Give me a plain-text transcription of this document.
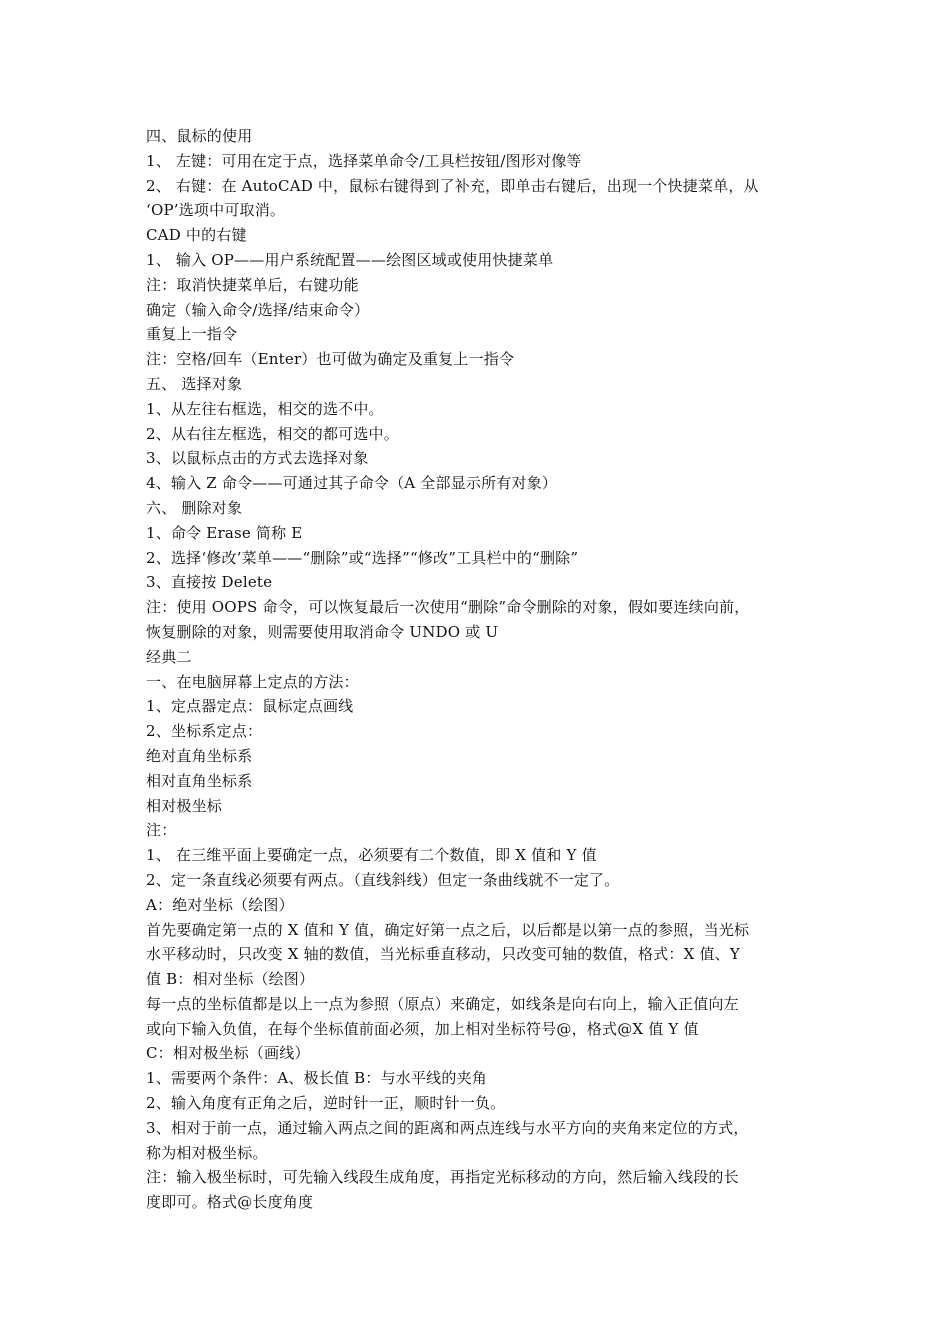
四、鼠标的使用
1、 左键：可用在定于点，选择菜单命令/工具栏按钮/图形对像等
2、 右键：在 AutoCAD 中，鼠标右键得到了补充，即单击右键后，出现一个快捷菜单，从
‘OP’选项中可取消。
CAD 中的右键
1、 输入 OP——用户系统配置——绘图区域或使用快捷菜单
注：取消快捷菜单后，右键功能
确定（输入命令/选择/结束命令）
重复上一指令
注：空格/回车（Enter）也可做为确定及重复上一指令
五、 选择对象
1、从左往右框选，相交的选不中。
2、从右往左框选，相交的都可选中。
3、以鼠标点击的方式去选择对象
4、输入 Z 命令——可通过其子命令（A 全部显示所有对象）
六、 删除对象
1、命令 Erase 简称 E
2、选择‘修改’菜单——“删除”或“选择”“修改”工具栏中的“删除”
3、直接按 Delete
注：使用 OOPS 命令，可以恢复最后一次使用“删除”命令删除的对象，假如要连续向前，
恢复删除的对象，则需要使用取消命令 UNDO 或 U
经典二
一、在电脑屏幕上定点的方法：
1、定点器定点：鼠标定点画线
2、坐标系定点：
绝对直角坐标系
相对直角坐标系
相对极坐标
注：
1、 在三维平面上要确定一点，必须要有二个数值，即 X 值和 Y 值
2、定一条直线必须要有两点。（直线斜线）但定一条曲线就不一定了。
A：绝对坐标（绘图）
首先要确定第一点的 X 值和 Y 值，确定好第一点之后，以后都是以第一点的参照，当光标
水平移动时，只改变 X 轴的数值，当光标垂直移动，只改变可轴的数值，格式：X 值、Y
值 B：相对坐标（绘图）
每一点的坐标值都是以上一点为参照（原点）来确定，如线条是向右向上，输入正值向左
或向下输入负值，在每个坐标值前面必须，加上相对坐标符号@，格式@X 值 Y 值
C：相对极坐标（画线）
1、需要两个条件：A、极长值 B：与水平线的夹角
2、输入角度有正角之后，逆时针一正，顺时针一负。
3、相对于前一点，通过输入两点之间的距离和两点连线与水平方向的夹角来定位的方式，
称为相对极坐标。
注：输入极坐标时，可先输入线段生成角度，再指定光标移动的方向，然后输入线段的长
度即可。格式@长度角度
